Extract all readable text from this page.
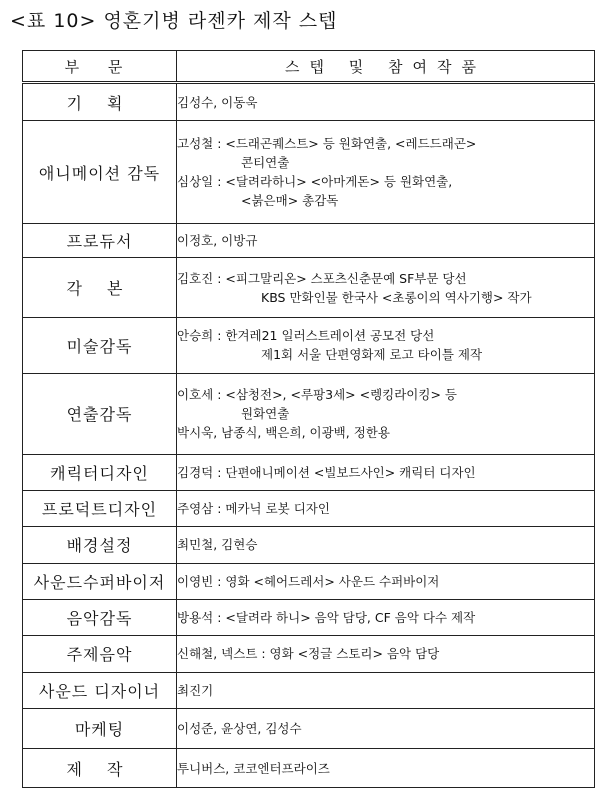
<표 10> 영혼기병 라젠카 제작 스텝
부 문	스텝 및 참여작품
기 획	김성수, 이동욱

애니메이션 감독	고성철 : <드래곤퀘스트> 등 원화연출, <레드드래곤>
콘티연출
심상일 : <달려라하니> <아마게돈> 등 원화연출,
<붉은매> 총감독

프로듀서	이정호, 이방규

각 본	김호진 : <피그말리온> 스포츠신춘문예 SF부문 당선
KBS 만화인물 한국사 <초롱이의 역사기행> 작가

미술감독	안승희 : 한겨레21 일러스트레이션 공모전 당선
제1회 서울 단편영화제 로고 타이틀 제작

연출감독	이호세 : <삼청전>, <루팡3세> <렝킹라이킹> 등
원화연출
박시욱, 남종식, 백은희, 이광백, 정한용

캐릭터디자인	김경덕 : 단편애니메이션 <빌보드사인> 캐릭터 디자인

프로덕트디자인	주영삼 : 메카닉 로봇 디자인

배경설정	최민철, 김현승

사운드수퍼바이저	이영빈 : 영화 <헤어드레서> 사운드 수퍼바이저

음악감독	방용석 : <달려라 하니> 음악 담당, CF 음악 다수 제작

주제음악	신해철, 넥스트 : 영화 <정글 스토리> 음악 담당

사운드 디자이너	최진기

마케팅	이성준, 윤상연, 김성수

제 작	투니버스, 코코엔터프라이즈
